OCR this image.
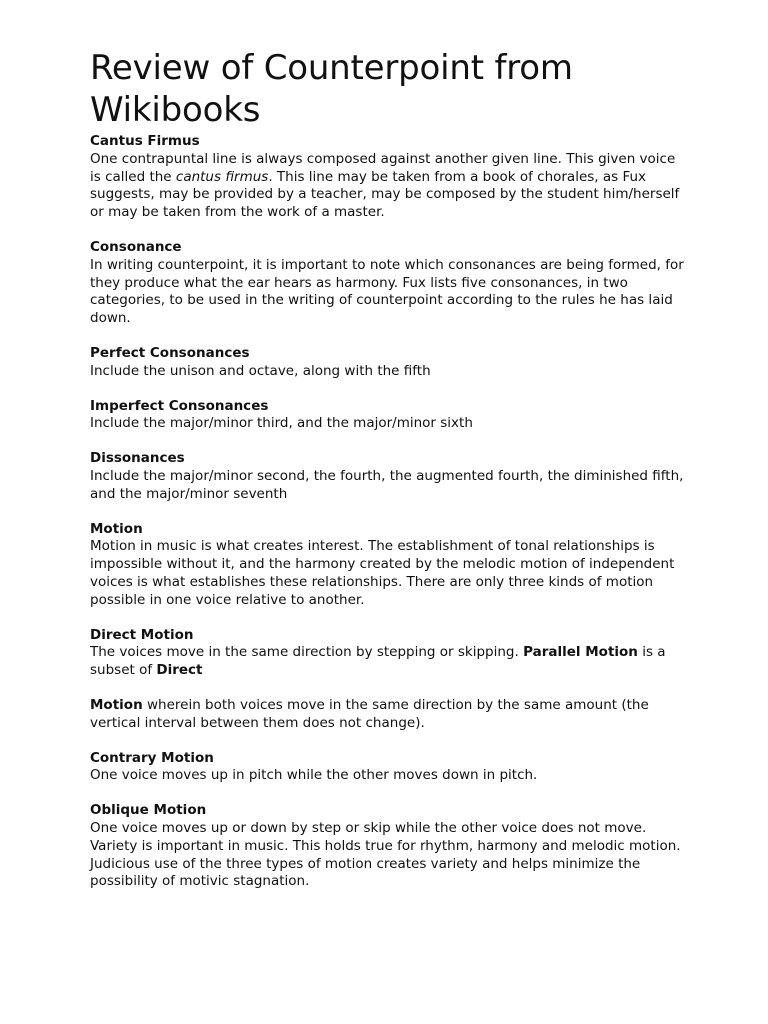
Review of Counterpoint from Wikibooks

Cantus Firmus

One contrapuntal line is always composed against another given line. This given voice is called the cantus firmus. This line may be taken from a book of chorales, as Fux suggests, may be provided by a teacher, may be composed by the student him/herself or may be taken from the work of a master.

Consonance

In writing counterpoint, it is important to note which consonances are being formed, for they produce what the ear hears as harmony. Fux lists five consonances, in two categories, to be used in the writing of counterpoint according to the rules he has laid down.

Perfect Consonances

Include the unison and octave, along with the fifth

Imperfect Consonances

Include the major/minor third, and the major/minor sixth

Dissonances

Include the major/minor second, the fourth, the augmented fourth, the diminished fifth, and the major/minor seventh

Motion

Motion in music is what creates interest. The establishment of tonal relationships is impossible without it, and the harmony created by the melodic motion of independent voices is what establishes these relationships. There are only three kinds of motion possible in one voice relative to another.

Direct Motion

The voices move in the same direction by stepping or skipping. Parallel Motion is a subset of Direct

Motion wherein both voices move in the same direction by the same amount (the vertical interval between them does not change).

Contrary Motion

One voice moves up in pitch while the other moves down in pitch.

Oblique Motion

One voice moves up or down by step or skip while the other voice does not move. Variety is important in music. This holds true for rhythm, harmony and melodic motion. Judicious use of the three types of motion creates variety and helps minimize the possibility of motivic stagnation.
